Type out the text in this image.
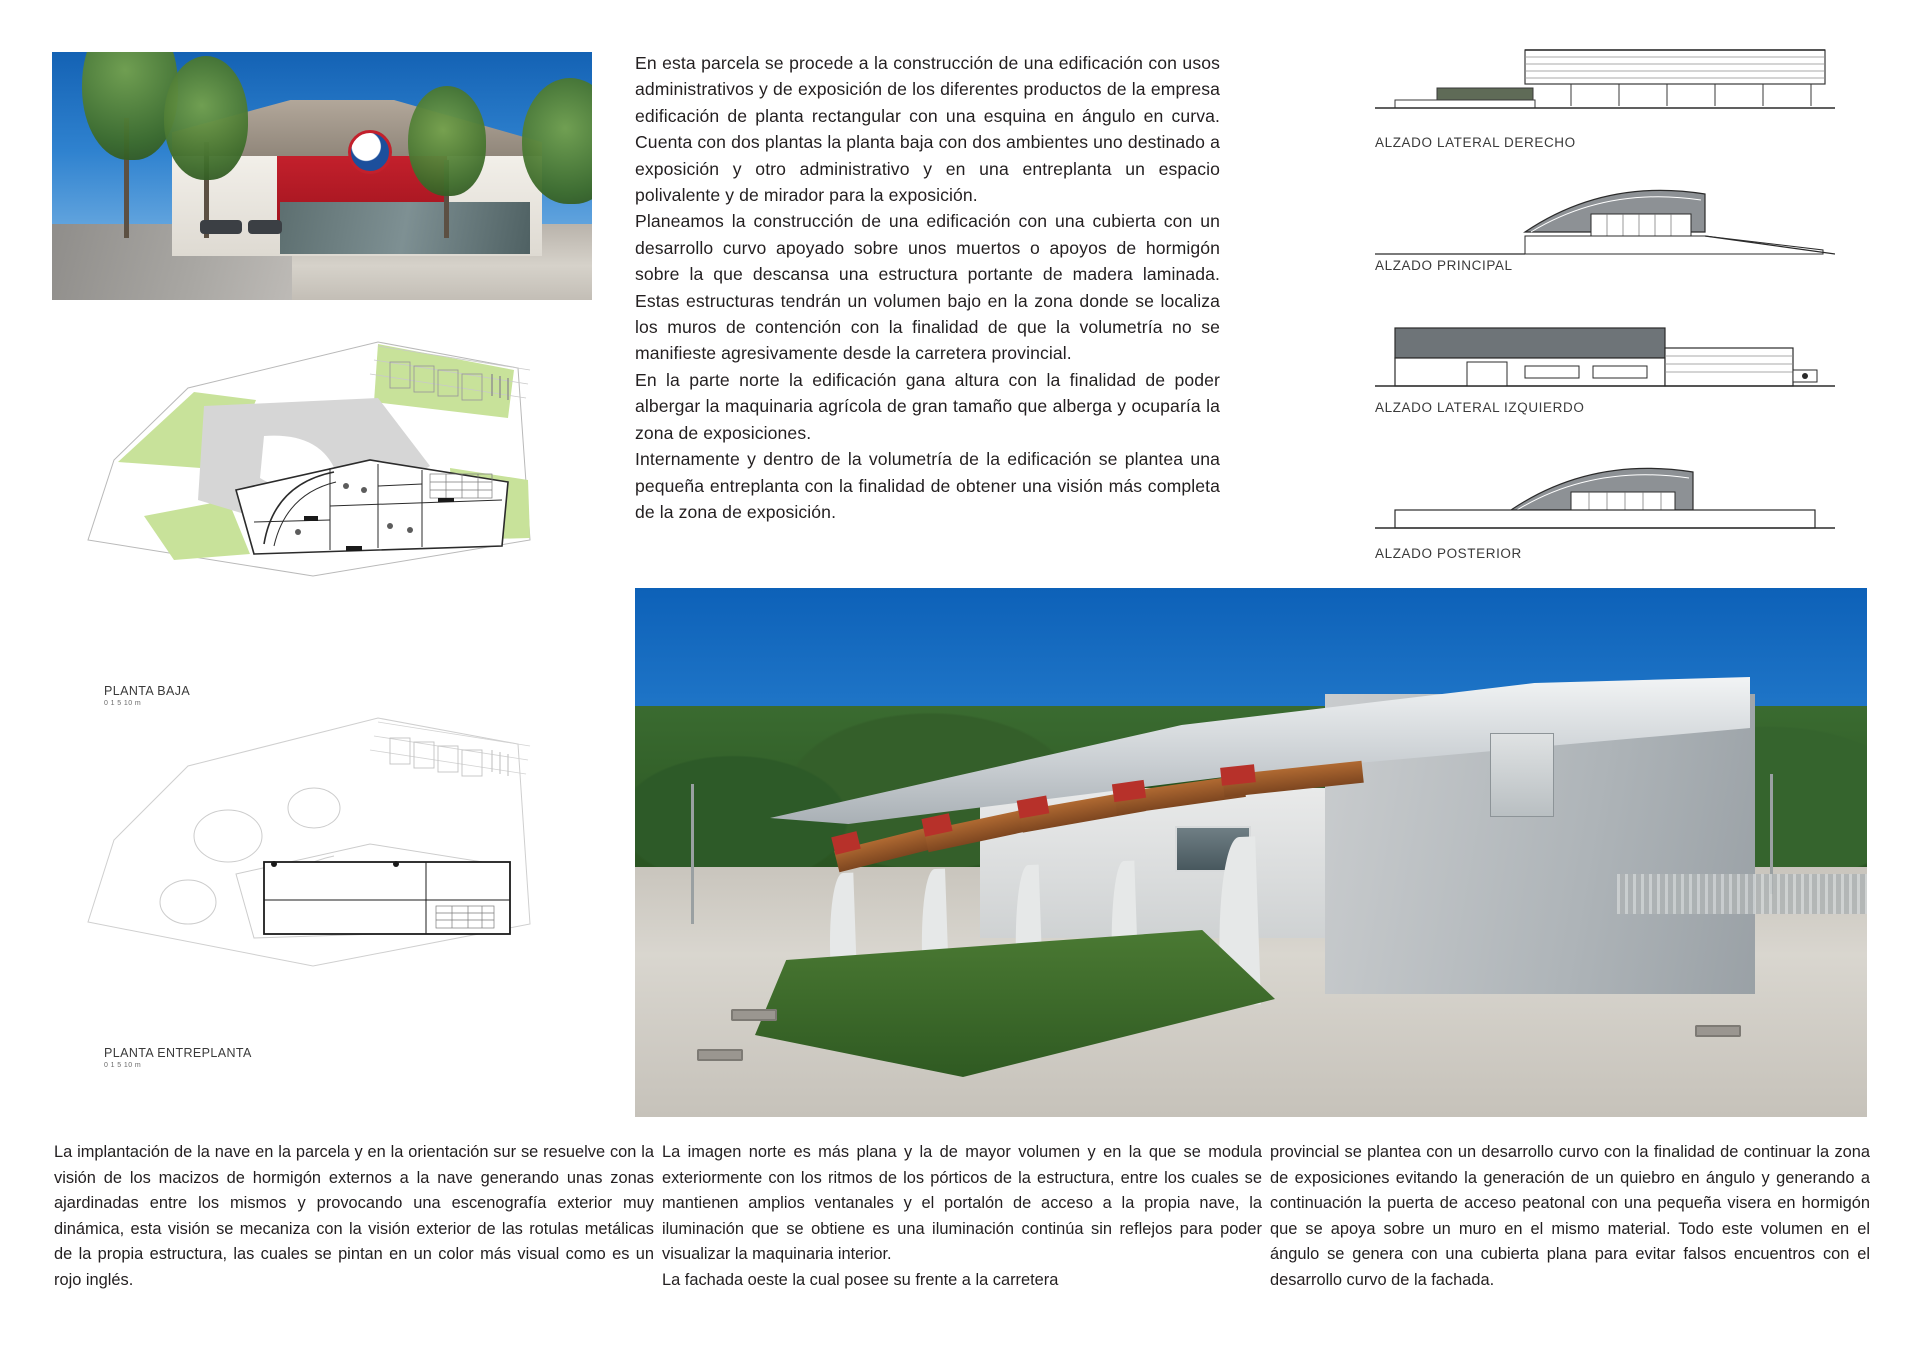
PLANTA BAJA
0 1 5 10 m
PLANTA ENTREPLANTA
0 1 5 10 m

En esta parcela se procede a la construcción de una edificación con usos administrativos y de exposición de los diferentes productos de la empresa edificación de planta rectangular con una esquina en ángulo en curva. Cuenta con dos plantas la planta baja con dos ambientes uno destinado a exposición y otro administrativo y en una entreplanta un espacio polivalente y de mirador para la exposición.

Planeamos la construcción de una edificación con una cubierta con un desarrollo curvo apoyado sobre unos muertos o apoyos de hormigón sobre la que descansa una estructura portante de madera laminada. Estas estructuras tendrán un volumen bajo en la zona donde se localiza los muros de contención con la finalidad de que la volumetría no se manifieste agresivamente desde la carretera provincial.

En la parte norte la edificación gana altura con la finalidad de poder albergar la maquinaria agrícola de gran tamaño que alberga y ocuparía la zona de exposiciones.

Internamente y dentro de la volumetría de la edificación se plantea una pequeña entreplanta con la finalidad de obtener una visión más completa de la zona de exposición.

ALZADO LATERAL DERECHO
ALZADO PRINCIPAL
ALZADO LATERAL IZQUIERDO
ALZADO POSTERIOR

La implantación de la nave en la parcela y en la orientación sur se resuelve con la visión de los macizos de hormigón externos a la nave generando unas zonas ajardinadas entre los mismos y provocando una escenografía exterior muy dinámica, esta visión se mecaniza con la visión exterior de las rotulas metálicas de la propia estructura, las cuales se pintan en un color más visual como es un rojo inglés.

La imagen norte es más plana y la de mayor volumen y en la que se modula exteriormente con los ritmos de los pórticos de la estructura, entre los cuales se mantienen amplios ventanales y el portalón de acceso a la propia nave, la iluminación que se obtiene es una iluminación continúa sin reflejos para poder visualizar la maquinaria interior.

La fachada oeste la cual posee su frente a la carretera

provincial se plantea con un desarrollo curvo con la finalidad de continuar la zona de exposiciones evitando la generación de un quiebro en ángulo y generando a continuación la puerta de acceso peatonal con una pequeña visera en hormigón que se apoya sobre un muro en el mismo material. Todo este volumen en el ángulo se genera con una cubierta plana para evitar falsos encuentros con el desarrollo curvo de la fachada.
